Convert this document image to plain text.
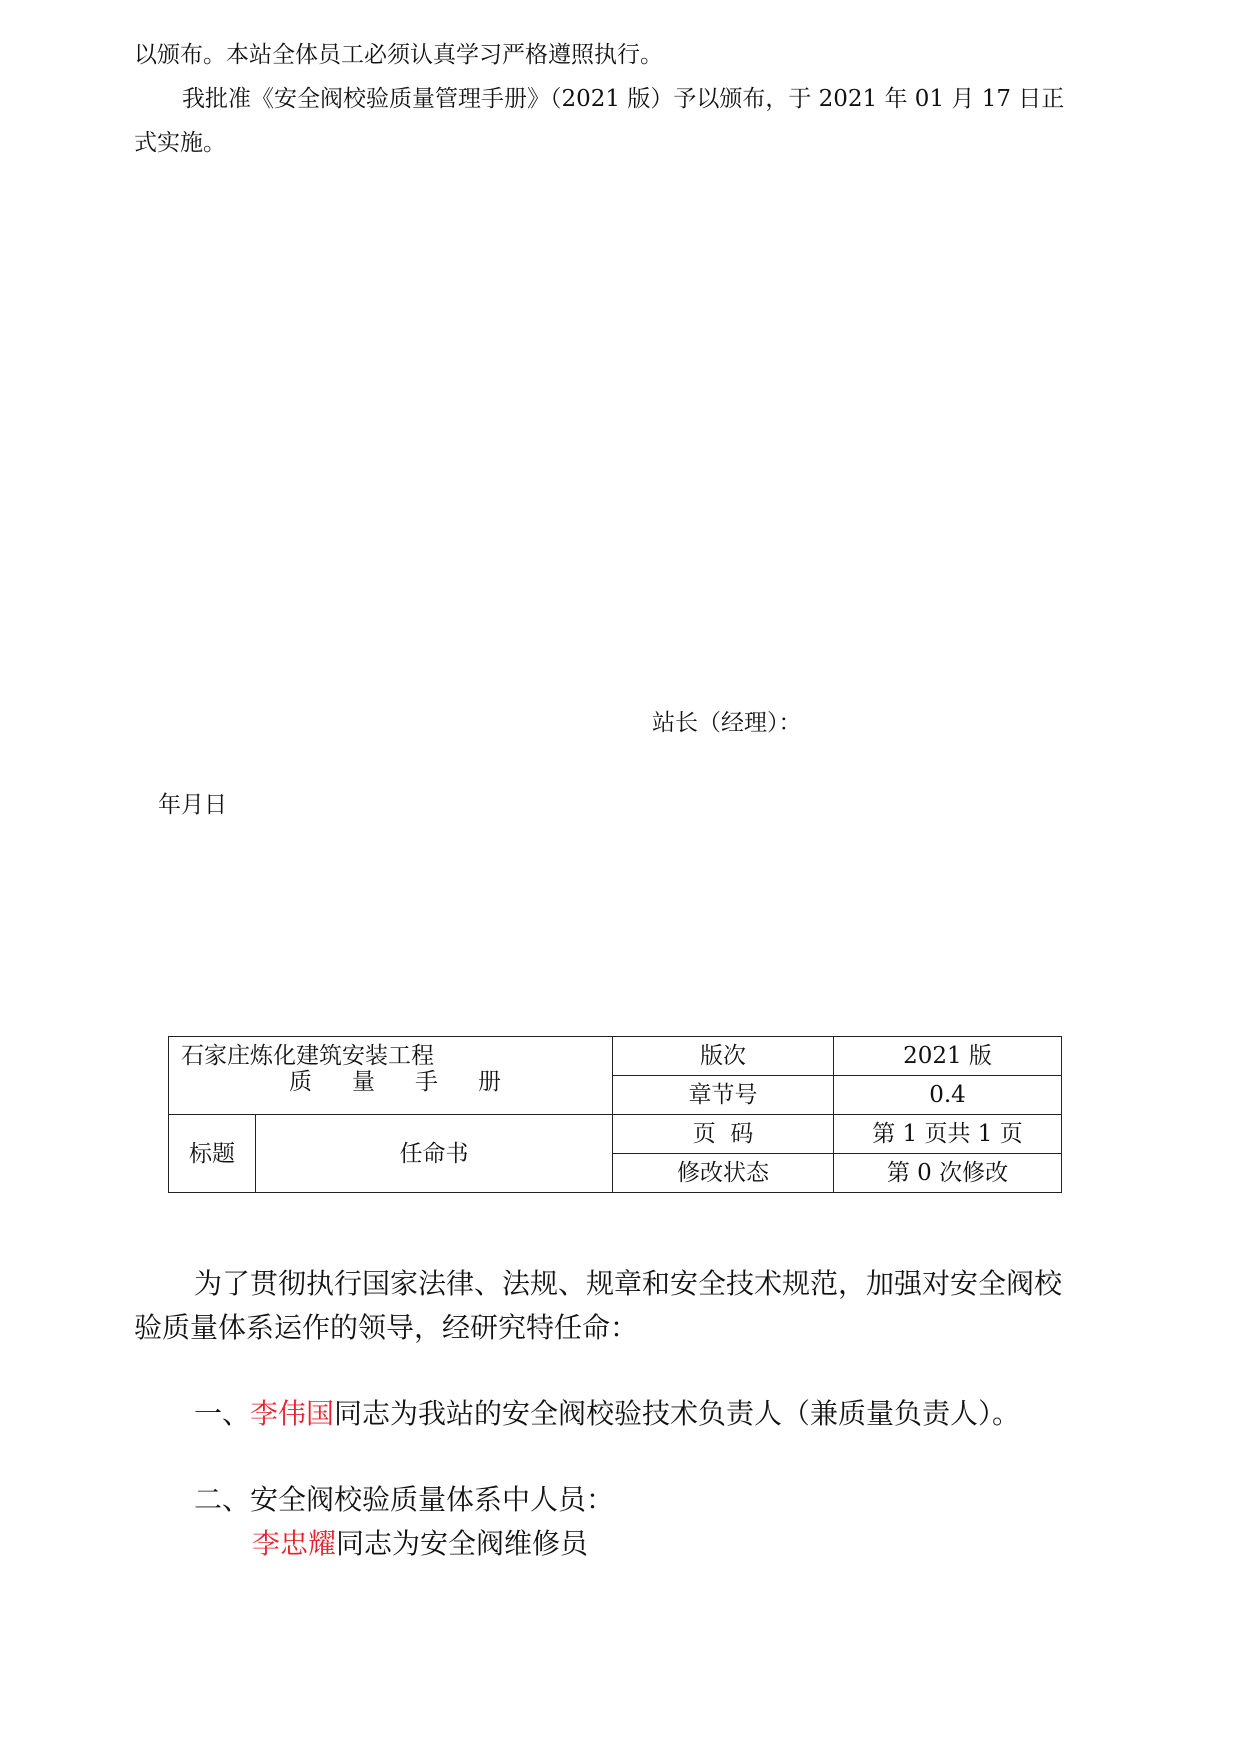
以颁布。本站全体员工必须认真学习严格遵照执行。
我批准《安全阀校验质量管理手册》（2021 版）予以颁布，于 2021 年 01 月 17 日正
式实施。
站长（经理）：
年月日
石家庄炼化建筑安装工程
质量手册		版次	2021 版
		章节号	0.4
标题	任命书	页  码	第 1 页共 1 页
		修改状态	第 0 次修改
为了贯彻执行国家法律、法规、规章和安全技术规范，加强对安全阀校
验质量体系运作的领导，经研究特任命：
一、李伟国同志为我站的安全阀校验技术负责人（兼质量负责人）。
二、安全阀校验质量体系中人员：
李忠耀同志为安全阀维修员
